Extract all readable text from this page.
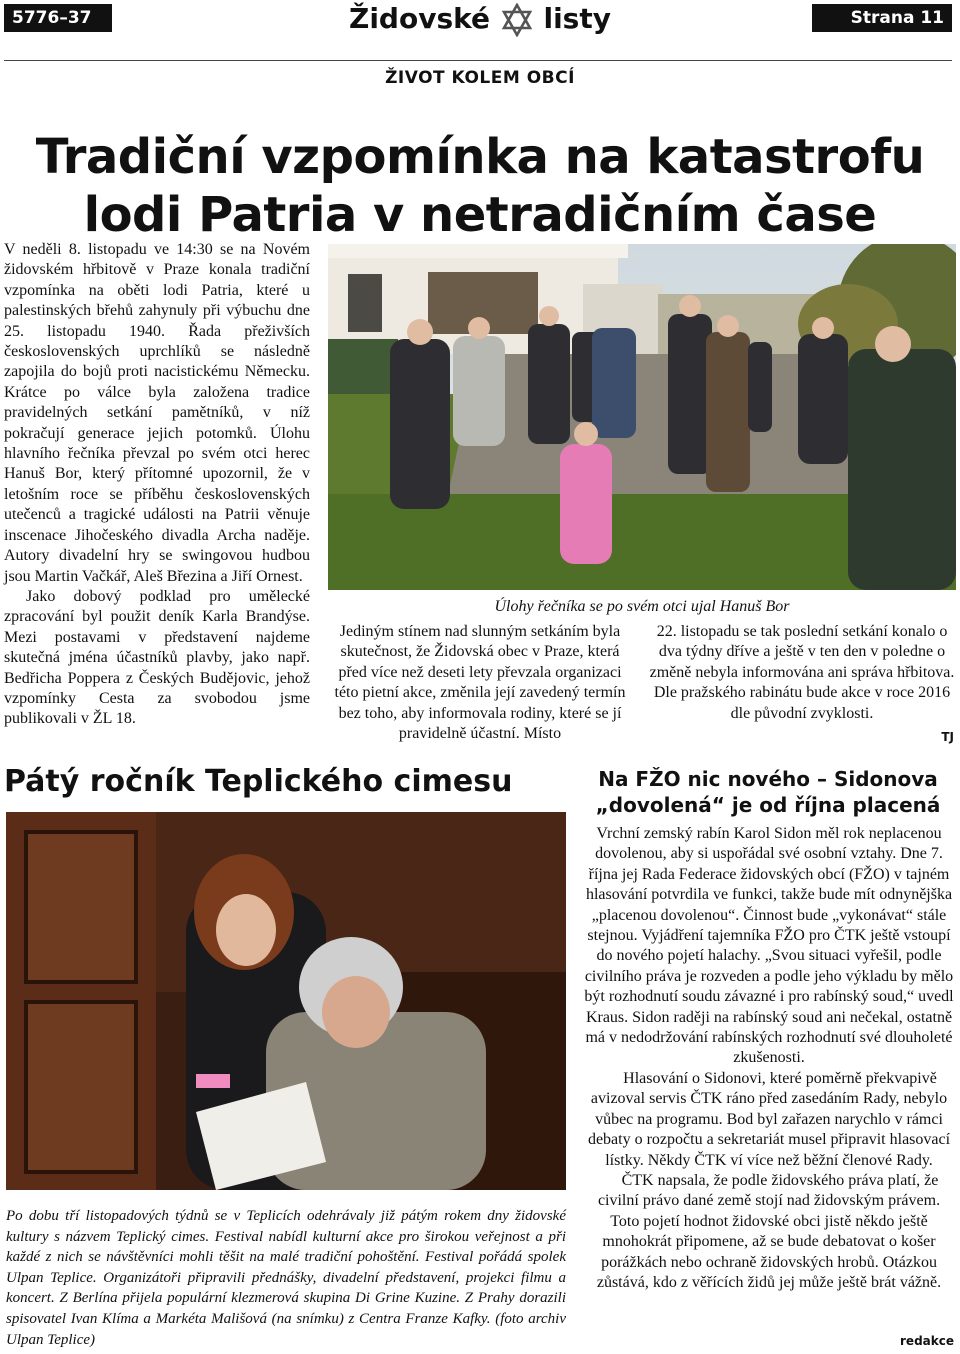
5776–37	Židovské listy	Strana 11
ŽIVOT KOLEM OBCÍ
Tradiční vzpomínka na katastrofu lodi Patria v netradičním čase

V neděli 8. listopadu ve 14:30 se na Novém židovském hřbitově v Praze konala tradiční vzpomínka na oběti lodi Patria, které u palestinských břehů zahynuly při výbuchu dne 25. listopadu 1940. Řada přeživších československých uprchlíků se následně zapojila do bojů proti nacistickému Německu. Krátce po válce byla založena tradice pravidelných setkání pamětníků, v níž pokračují generace jejich potomků. Úlohu hlavního řečníka převzal po svém otci herec Hanuš Bor, který přítomné upozornil, že v letošním roce se příběhu československých utečenců a tragické události na Patrii věnuje inscenace Jihočeského divadla Archa naděje. Autory divadelní hry se swingovou hudbou jsou Martin Vačkář, Aleš Březina a Jiří Ornest.

Jako dobový podklad pro umělecké zpracování byl použit deník Karla Brandýse. Mezi postavami v představení najdeme skutečná jména účastníků plavby, jako např. Bedřicha Poppera z Českých Budějovic, jehož vzpomínky Cesta za svobodou jsme publikovali v ŽL 18.

Úlohy řečníka se po svém otci ujal Hanuš Bor

Jediným stínem nad slunným setkáním byla skutečnost, že Židovská obec v Praze, která před více než deseti lety převzala organizaci této pietní akce, změnila její zavedený termín bez toho, aby informovala rodiny, které se jí pravidelně účastní. Místo

22. listopadu se tak poslední setkání konalo o dva týdny dříve a ještě v ten den v poledne o změně nebyla informována ani správa hřbitova. Dle pražského rabinátu bude akce v roce 2016 dle původní zvyklosti.

TJ
Pátý ročník Teplického cimesu
Po dobu tří listopadových týdnů se v Teplicích odehrávaly již pátým rokem dny židovské kultury s názvem Teplický cimes. Festival nabídl kulturní akce pro širokou veřejnost a při každé z nich se návštěvníci mohli těšit na malé tradiční pohoštění. Festival pořádá spolek Ulpan Teplice. Organizátoři připravili přednášky, divadelní představení, projekci filmu a koncert. Z Berlína přijela populární klezmerová skupina Di Grine Kuzine. Z Prahy dorazili spisovatel Ivan Klíma a Markéta Mališová (na snímku) z Centra Franze Kafky. (foto archiv Ulpan Teplice)
Na FŽO nic nového – Sidonova „dovolená“ je od října placená

Vrchní zemský rabín Karol Sidon měl rok neplacenou dovolenou, aby si uspořádal své osobní vztahy. Dne 7. října jej Rada Federace židovských obcí (FŽO) v tajném hlasování potvrdila ve funkci, takže bude mít odnynějška „placenou dovolenou“. Činnost bude „vykonávat“ stále stejnou. Vyjádření tajemníka FŽO pro ČTK ještě vstoupí do nového pojetí halachy. „Svou situaci vyřešil, podle civilního práva je rozveden a podle jeho výkladu by mělo být rozhodnutí soudu závazné i pro rabínský soud,“ uvedl Kraus. Sidon raději na rabínský soud ani nečekal, ostatně má v nedodržování rabínských rozhodnutí své dlouholeté zkušenosti.

Hlasování o Sidonovi, které poměrně překvapivě avizoval servis ČTK ráno před zasedáním Rady, nebylo vůbec na programu. Bod byl zařazen narychlo v rámci debaty o rozpočtu a sekretariát musel připravit hlasovací lístky. Někdy ČTK ví více než běžní členové Rady.

ČTK napsala, že podle židovského práva platí, že civilní právo dané země stojí nad židovským právem. Toto pojetí hodnot židovské obci jistě někdo ještě mnohokrát připomene, až se bude debatovat o košer porážkách nebo ochraně židovských hrobů. Otázkou zůstává, kdo z věřících židů jej může ještě brát vážně.

redakce
